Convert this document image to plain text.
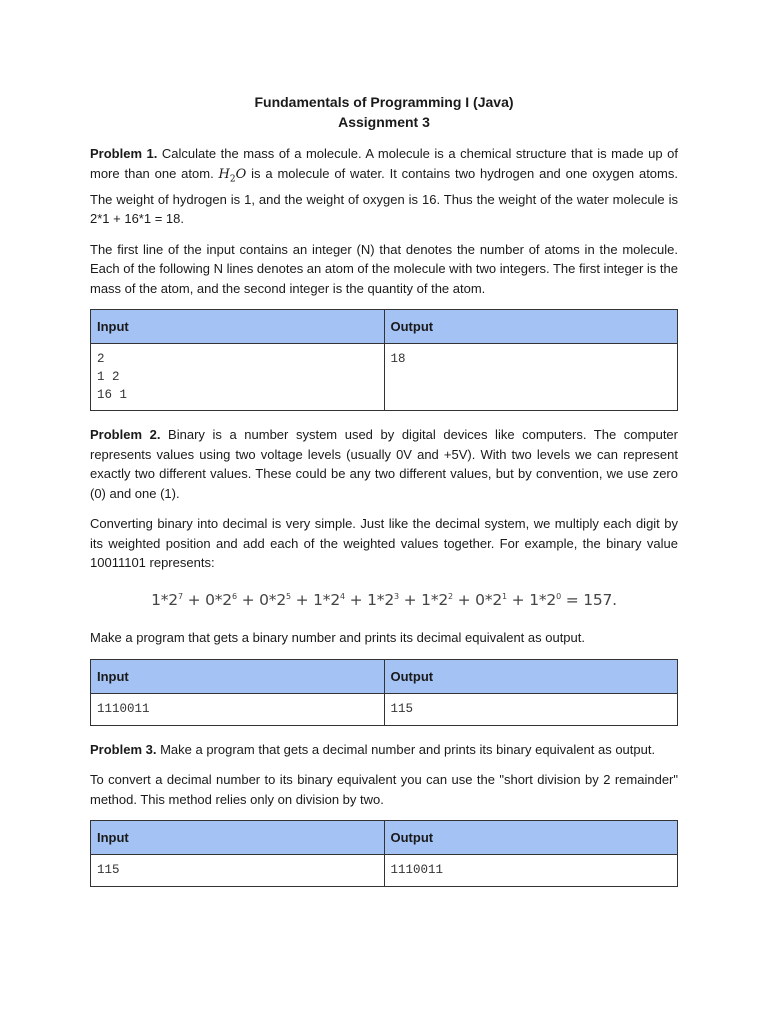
Fundamentals of Programming I (Java)
Assignment 3

Problem 1. Calculate the mass of a molecule. A molecule is a chemical structure that is made up of more than one atom. $H_2O$ is a molecule of water. It contains two hydrogen and one oxygen atoms. The weight of hydrogen is 1, and the weight of oxygen is 16. Thus the weight of the water molecule is 2*1 + 16*1 = 18.

The first line of the input contains an integer (N) that denotes the number of atoms in the molecule. Each of the following N lines denotes an atom of the molecule with two integers. The first integer is the mass of the atom, and the second integer is the quantity of the atom.

Input	Output
2
1 2
16 1	18

Problem 2. Binary is a number system used by digital devices like computers. The computer represents values using two voltage levels (usually 0V and +5V). With two levels we can represent exactly two different values. These could be any two different values, but by convention, we use zero (0) and one (1).

Converting binary into decimal is very simple. Just like the decimal system, we multiply each digit by its weighted position and add each of the weighted values together. For example, the binary value 10011101 represents:

$1*2^7 + 0*2^6 + 0*2^5 + 1*2^4 + 1*2^3 + 1*2^2 + 0*2^1 + 1*2^0 = 157$.

Make a program that gets a binary number and prints its decimal equivalent as output.

Input	Output
1110011	115

Problem 3. Make a program that gets a decimal number and prints its binary equivalent as output.

To convert a decimal number to its binary equivalent you can use the "short division by 2 remainder" method. This method relies only on division by two.

Input	Output
115	1110011
